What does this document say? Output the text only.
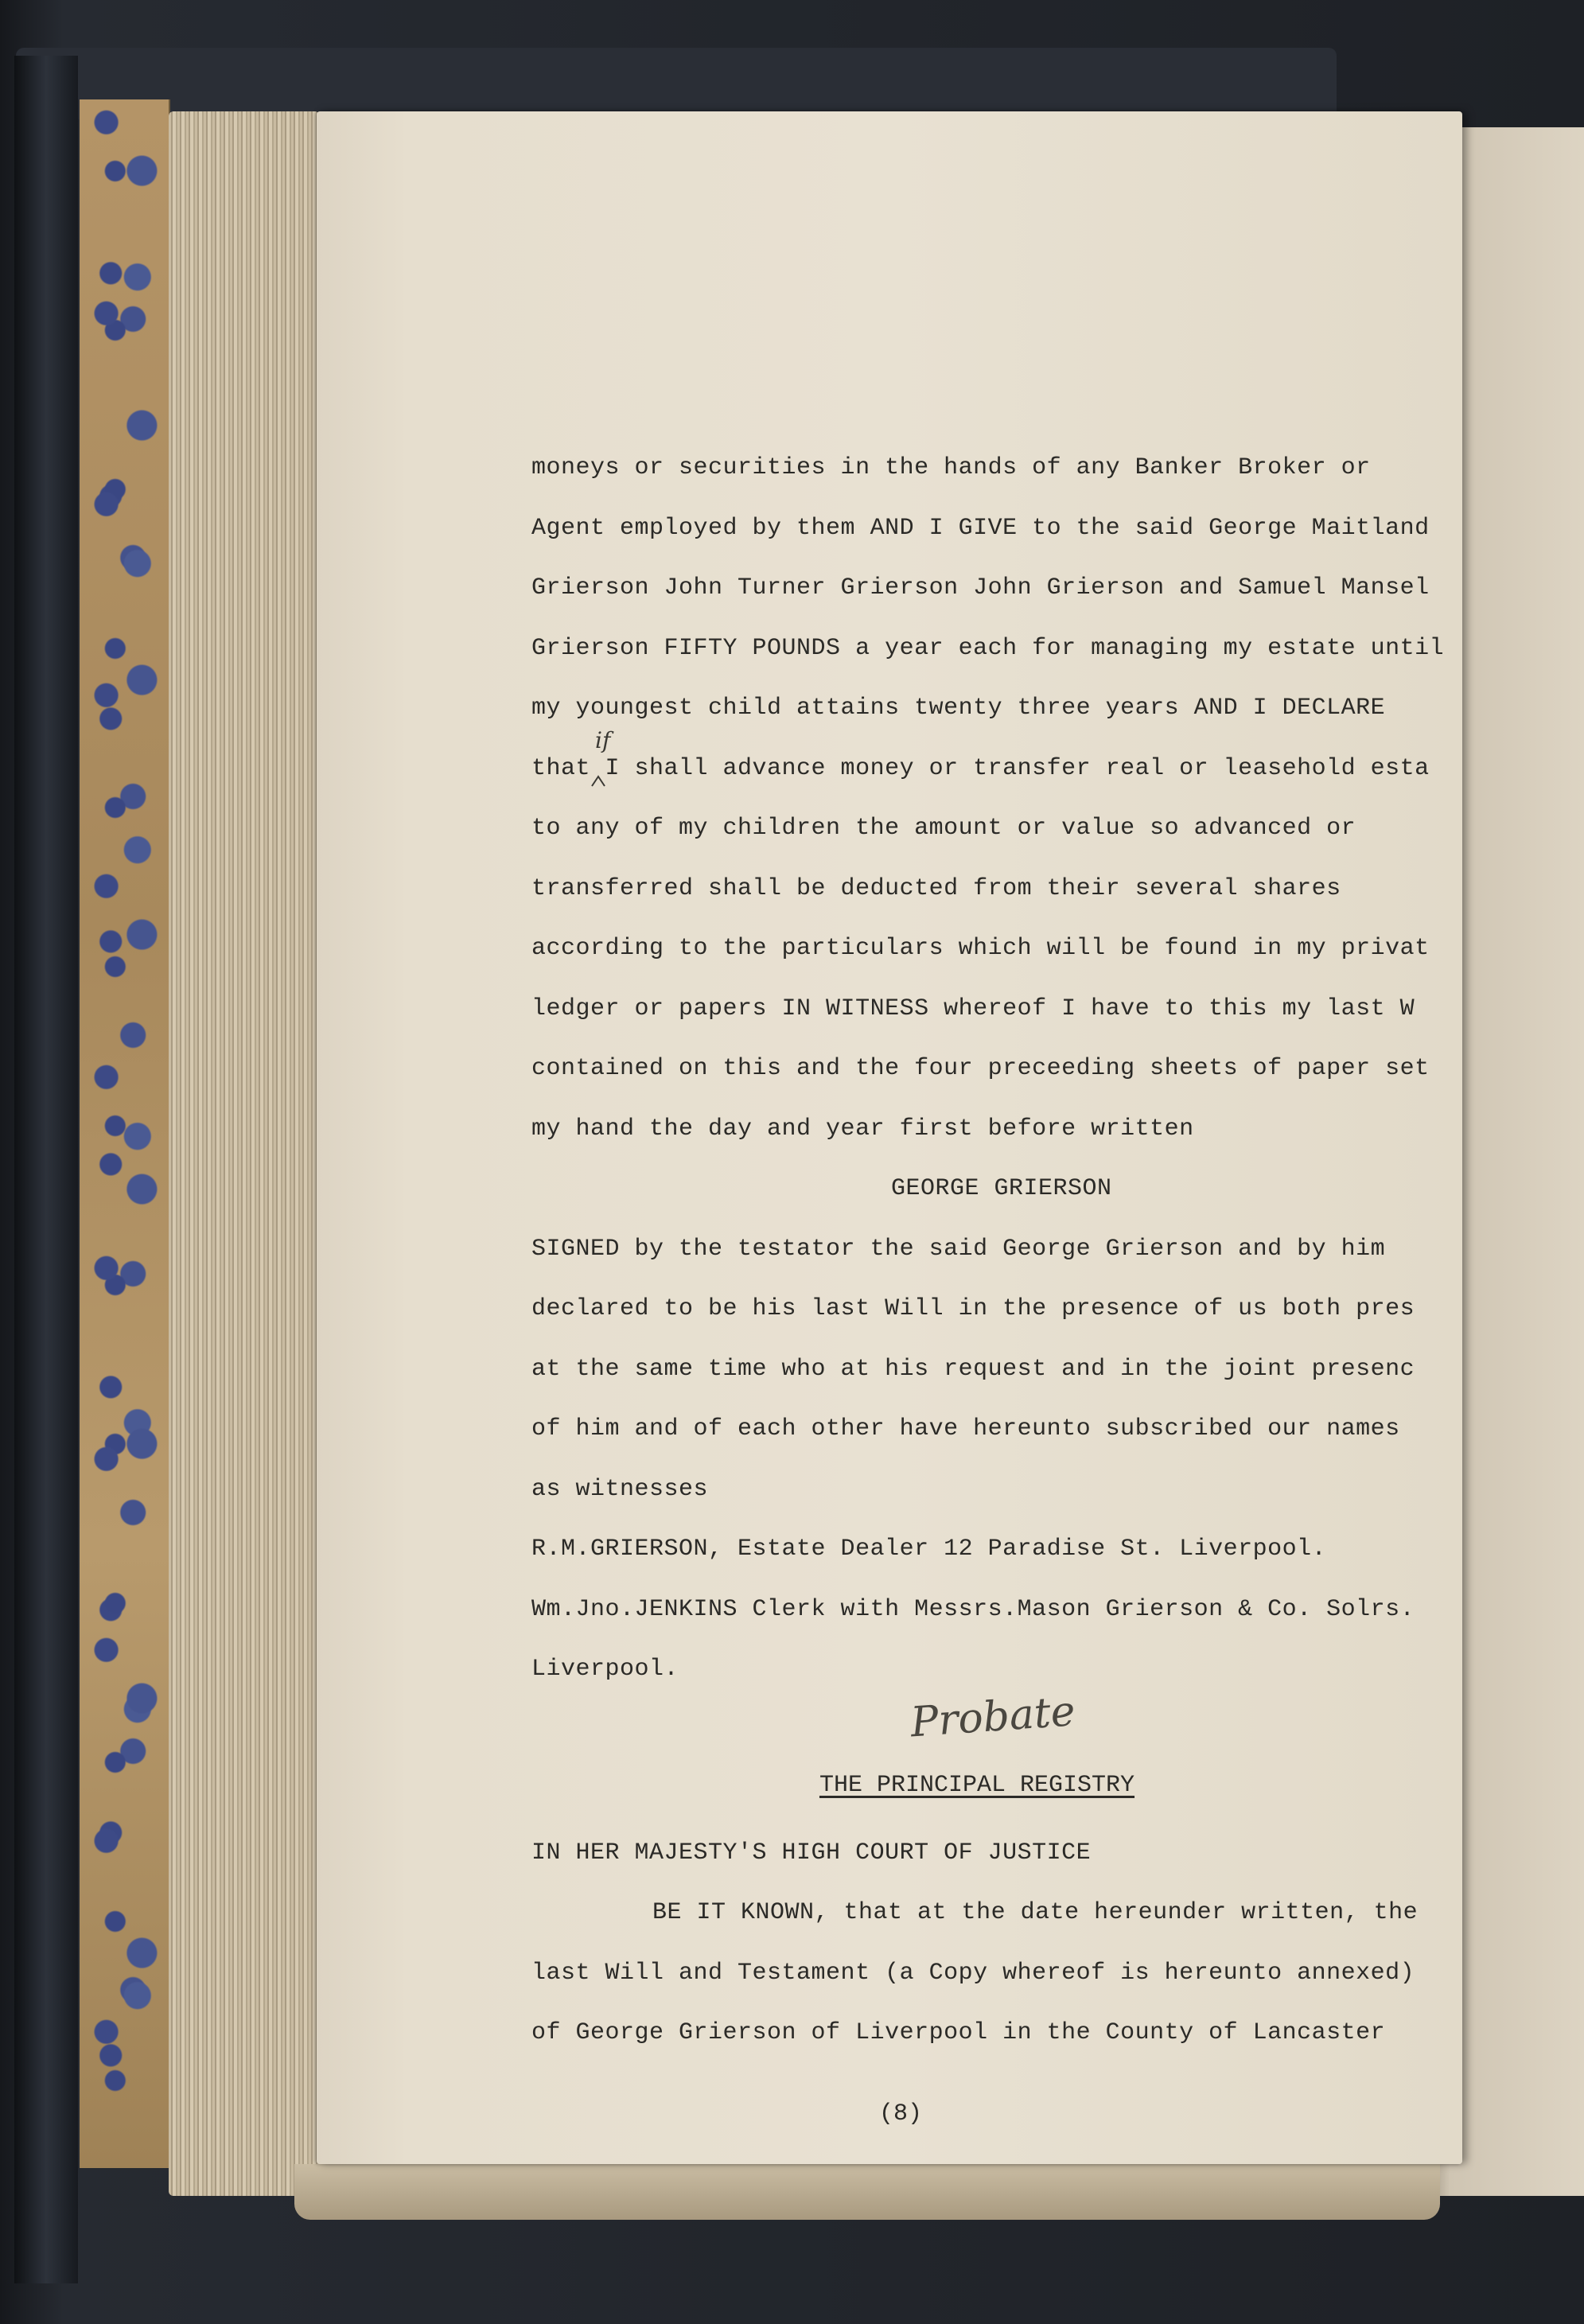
moneys or securities in the hands of any Banker Broker or
Agent employed by them AND I GIVE to the said George Maitland
Grierson John Turner Grierson John Grierson and Samuel Mansel
Grierson FIFTY POUNDS a year each for managing my estate until
my youngest child attains twenty three years AND I DECLARE
that I shall advance money or transfer real or leasehold esta
to any of my children the amount or value so advanced or
transferred shall be deducted from their several shares
according to the particulars which will be found in my privat
ledger or papers IN WITNESS whereof I have to this my last W
contained on this and the four preceeding sheets of paper set
my hand the day and year first before written
GEORGE GRIERSON
SIGNED by the testator the said George Grierson and by him
declared to be his last Will in the presence of us both pres
at the same time who at his request and in the joint presenc
of him and of each other have hereunto subscribed our names
as witnesses
R.M.GRIERSON, Estate Dealer 12 Paradise St. Liverpool.
Wm.Jno.JENKINS Clerk with Messrs.Mason Grierson & Co. Solrs.
Liverpool.
THE PRINCIPAL REGISTRY
IN HER MAJESTY'S HIGH COURT OF JUSTICE
BE IT KNOWN, that at the date hereunder written, the
last Will and Testament (a Copy whereof is hereunto annexed)
of George Grierson of Liverpool in the County of Lancaster
if
Probate
(8)
